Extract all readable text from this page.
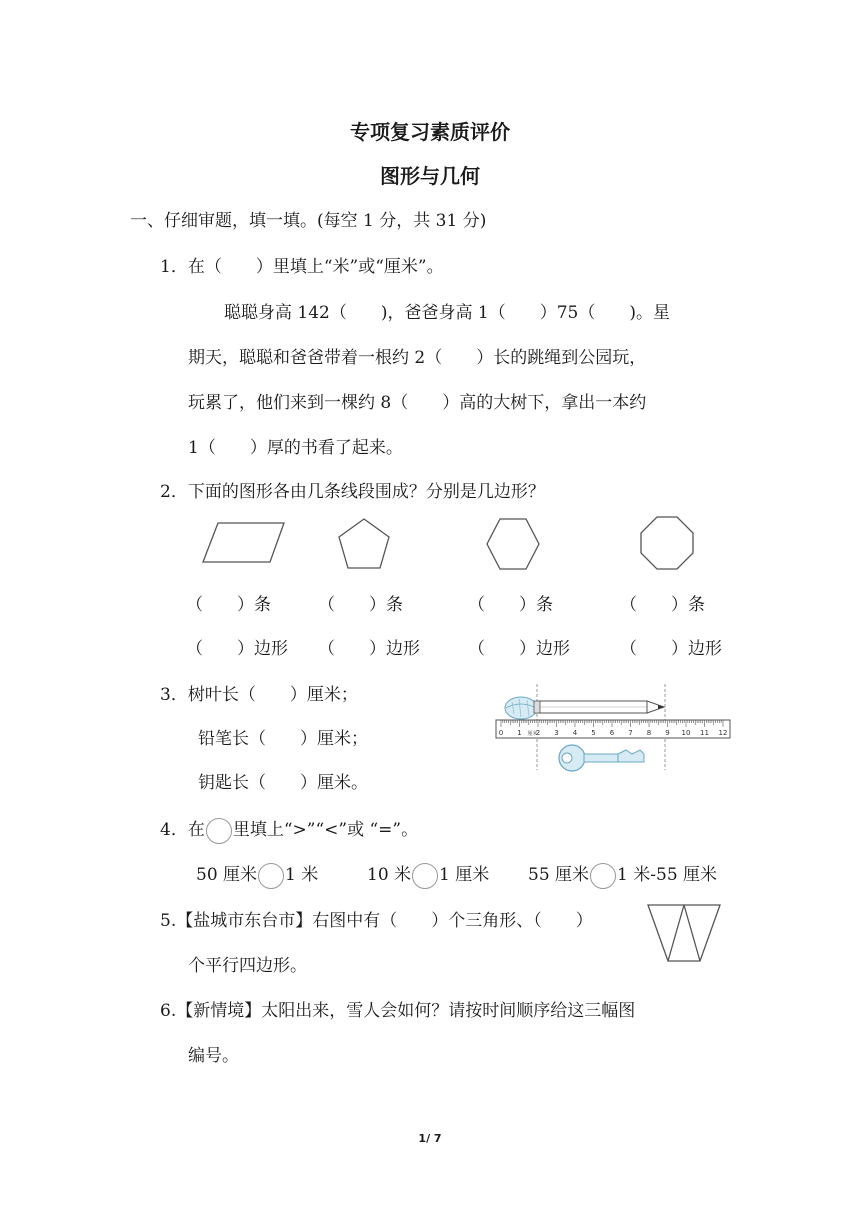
专项复习素质评价
图形与几何
一、仔细审题，填一填。(每空 1 分，共 31 分)
1．在（　　）里填上“米”或“厘米”。
聪聪身高 142（　　)，爸爸身高 1（　　）75（　　)。星
期天，聪聪和爸爸带着一根约 2（　　）长的跳绳到公园玩，
玩累了，他们来到一棵约 8（　　）高的大树下，拿出一本约
1（　　）厚的书看了起来。
2．下面的图形各由几条线段围成？分别是几边形？
（　　）条	（　　）条	（　　）条	（　　）条
（　　）边形 （　　）边形	（　　）边形	（　　）边形
3．树叶长（　　）厘米；
铅笔长（　　）厘米；
钥匙长（　　）厘米。
0 1 2 3 4 5 6 7 8 9 10 11 12
厘米
4．在 里填上“>”“<”或 “=”。
50 厘米 1 米	10 米 1 厘米 55 厘米 1 米-55 厘米
5.【盐城市东台市】右图中有（　　）个三角形、（　　）
个平行四边形。
6.【新情境】太阳出来，雪人会如何？请按时间顺序给这三幅图
编号。
1/ 7
